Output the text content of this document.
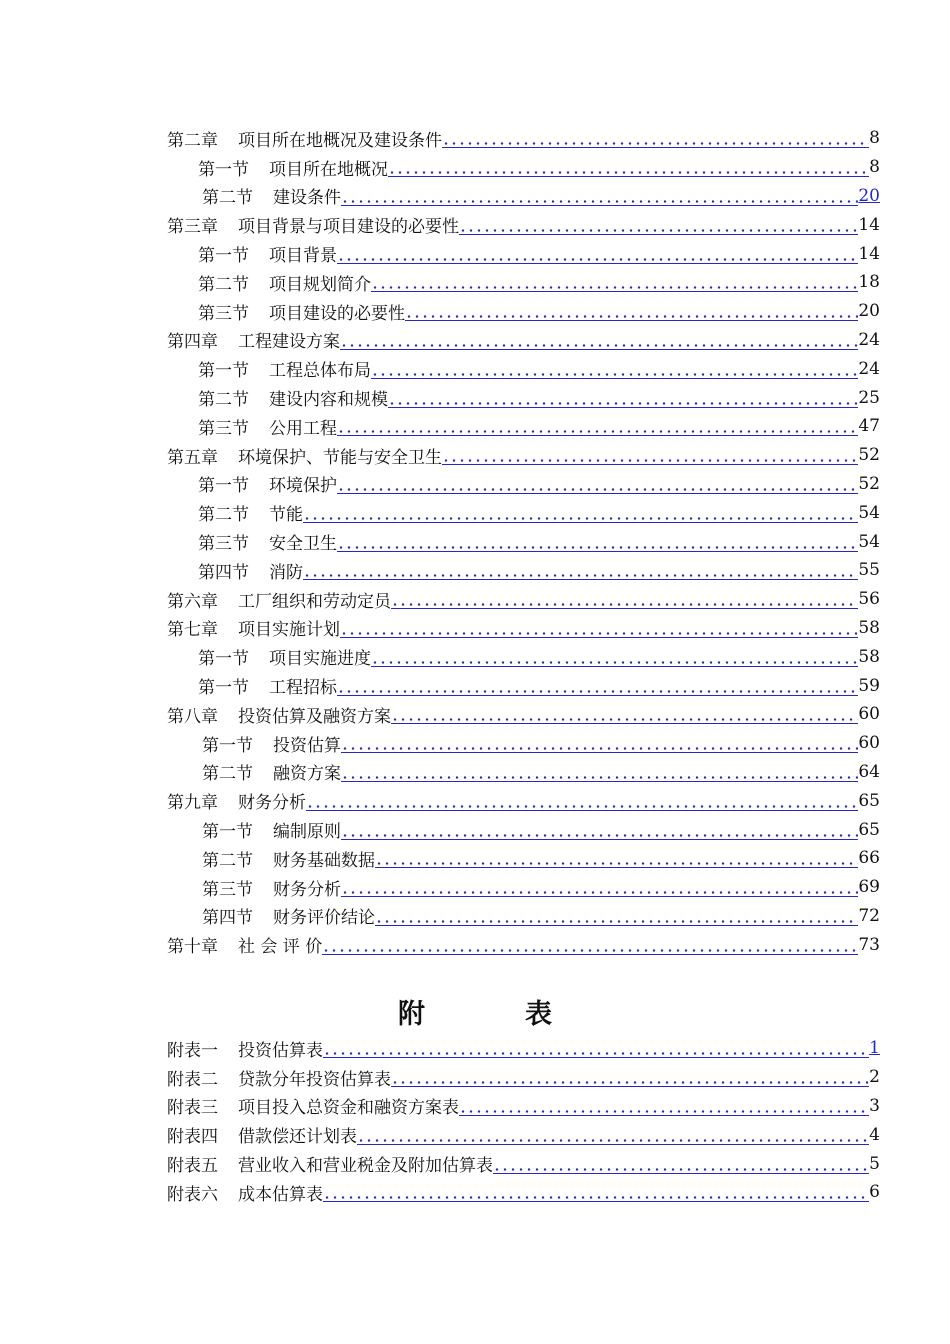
第二章 项目所在地概况及建设条件	8
第一节 项目所在地概况	8
第二节 建设条件	20
第三章 项目背景与项目建设的必要性	14
第一节 项目背景	14
第二节 项目规划简介	18
第三节 项目建设的必要性	20
第四章 工程建设方案	24
第一节 工程总体布局	24
第二节 建设内容和规模	25
第三节 公用工程	47
第五章 环境保护、节能与安全卫生	52
第一节 环境保护	52
第二节 节能	54
第三节 安全卫生	54
第四节 消防	55
第六章 工厂组织和劳动定员	56
第七章 项目实施计划	58
第一节 项目实施进度	58
第一节 工程招标	59
第八章 投资估算及融资方案	60
第一节 投资估算	60
第二节 融资方案	64
第九章 财务分析	65
第一节 编制原则	65
第二节 财务基础数据	66
第三节 财务分析	69
第四节 财务评价结论	72
第十章 社 会 评 价	73
附	表
附表一 投资估算表	1
附表二 贷款分年投资估算表	2
附表三 项目投入总资金和融资方案表	3
附表四 借款偿还计划表	4
附表五 营业收入和营业税金及附加估算表	5
附表六 成本估算表	6
